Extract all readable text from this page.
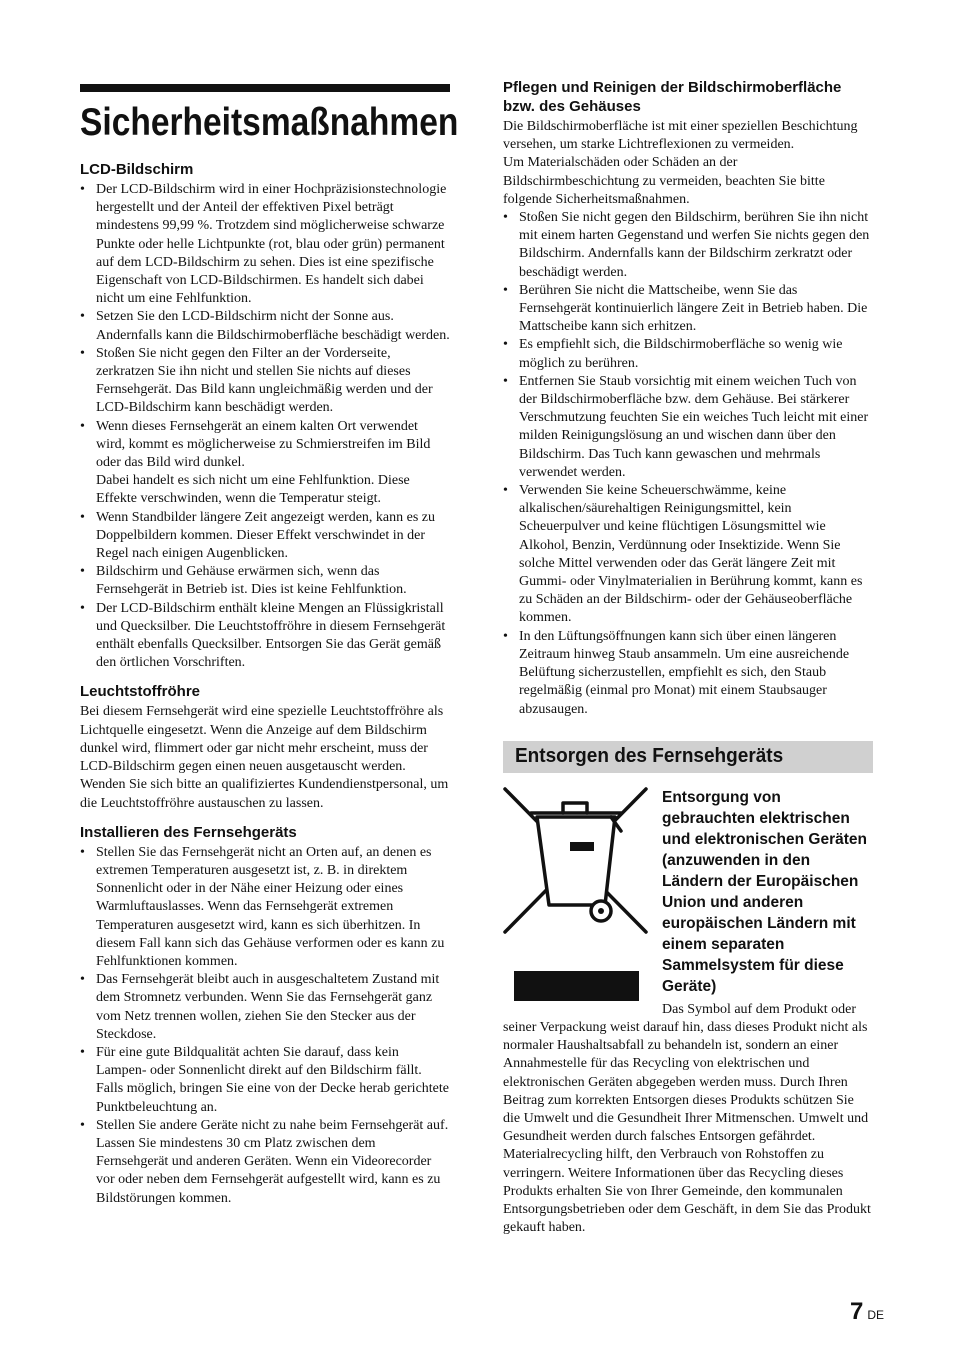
Sicherheitsmaßnahmen
LCD-Bildschirm
• Der LCD-Bildschirm wird in einer Hochpräzisionstechnologie hergestellt und der Anteil der effektiven Pixel beträgt mindestens 99,99 %. Trotzdem sind möglicherweise schwarze Punkte oder helle Lichtpunkte (rot, blau oder grün) permanent auf dem LCD-Bildschirm zu sehen. Dies ist eine spezifische Eigenschaft von LCD-Bildschirmen. Es handelt sich dabei nicht um eine Fehlfunktion.
• Setzen Sie den LCD-Bildschirm nicht der Sonne aus. Andernfalls kann die Bildschirmoberfläche beschädigt werden.
• Stoßen Sie nicht gegen den Filter an der Vorderseite, zerkratzen Sie ihn nicht und stellen Sie nichts auf dieses Fernsehgerät. Das Bild kann ungleichmäßig werden und der LCD-Bildschirm kann beschädigt werden.
• Wenn dieses Fernsehgerät an einem kalten Ort verwendet wird, kommt es möglicherweise zu Schmierstreifen im Bild oder das Bild wird dunkel.
Dabei handelt es sich nicht um eine Fehlfunktion. Diese Effekte verschwinden, wenn die Temperatur steigt.
• Wenn Standbilder längere Zeit angezeigt werden, kann es zu Doppelbildern kommen. Dieser Effekt verschwindet in der Regel nach einigen Augenblicken.
• Bildschirm und Gehäuse erwärmen sich, wenn das Fernsehgerät in Betrieb ist. Dies ist keine Fehlfunktion.
• Der LCD-Bildschirm enthält kleine Mengen an Flüssigkristall und Quecksilber. Die Leuchtstoffröhre in diesem Fernsehgerät enthält ebenfalls Quecksilber. Entsorgen Sie das Gerät gemäß den örtlichen Vorschriften.
Leuchtstoffröhre

Bei diesem Fernsehgerät wird eine spezielle Leuchtstoffröhre als Lichtquelle eingesetzt. Wenn die Anzeige auf dem Bildschirm dunkel wird, flimmert oder gar nicht mehr erscheint, muss der LCD-Bildschirm gegen einen neuen ausgetauscht werden. Wenden Sie sich bitte an qualifiziertes Kundendienstpersonal, um die Leuchtstoffröhre austauschen zu lassen.

Installieren des Fernsehgeräts
• Stellen Sie das Fernsehgerät nicht an Orten auf, an denen es extremen Temperaturen ausgesetzt ist, z. B. in direktem Sonnenlicht oder in der Nähe einer Heizung oder eines Warmluftauslasses. Wenn das Fernsehgerät extremen Temperaturen ausgesetzt wird, kann es sich überhitzen. In diesem Fall kann sich das Gehäuse verformen oder es kann zu Fehlfunktionen kommen.
• Das Fernsehgerät bleibt auch in ausgeschaltetem Zustand mit dem Stromnetz verbunden. Wenn Sie das Fernsehgerät ganz vom Netz trennen wollen, ziehen Sie den Stecker aus der Steckdose.
• Für eine gute Bildqualität achten Sie darauf, dass kein Lampen- oder Sonnenlicht direkt auf den Bildschirm fällt. Falls möglich, bringen Sie eine von der Decke herab gerichtete Punktbeleuchtung an.
• Stellen Sie andere Geräte nicht zu nahe beim Fernsehgerät auf. Lassen Sie mindestens 30 cm Platz zwischen dem Fernsehgerät und anderen Geräten. Wenn ein Videorecorder vor oder neben dem Fernsehgerät aufgestellt wird, kann es zu Bildstörungen kommen.
Pflegen und Reinigen der Bildschirmoberfläche bzw. des Gehäuses

Die Bildschirmoberfläche ist mit einer speziellen Beschichtung versehen, um starke Lichtreflexionen zu vermeiden.

Um Materialschäden oder Schäden an der Bildschirmbeschichtung zu vermeiden, beachten Sie bitte folgende Sicherheitsmaßnahmen.

• Stoßen Sie nicht gegen den Bildschirm, berühren Sie ihn nicht mit einem harten Gegenstand und werfen Sie nichts gegen den Bildschirm. Andernfalls kann der Bildschirm zerkratzt oder beschädigt werden.
• Berühren Sie nicht die Mattscheibe, wenn Sie das Fernsehgerät kontinuierlich längere Zeit in Betrieb haben. Die Mattscheibe kann sich erhitzen.
• Es empfiehlt sich, die Bildschirmoberfläche so wenig wie möglich zu berühren.
• Entfernen Sie Staub vorsichtig mit einem weichen Tuch von der Bildschirmoberfläche bzw. dem Gehäuse. Bei stärkerer Verschmutzung feuchten Sie ein weiches Tuch leicht mit einer milden Reinigungslösung an und wischen dann über den Bildschirm. Das Tuch kann gewaschen und mehrmals verwendet werden.
• Verwenden Sie keine Scheuerschwämme, keine alkalischen/säurehaltigen Reinigungsmittel, kein Scheuerpulver und keine flüchtigen Lösungsmittel wie Alkohol, Benzin, Verdünnung oder Insektizide. Wenn Sie solche Mittel verwenden oder das Gerät längere Zeit mit Gummi- oder Vinylmaterialien in Berührung kommt, kann es zu Schäden an der Bildschirm- oder der Gehäuseoberfläche kommen.
• In den Lüftungsöffnungen kann sich über einen längeren Zeitraum hinweg Staub ansammeln. Um eine ausreichende Belüftung sicherzustellen, empfiehlt es sich, den Staub regelmäßig (einmal pro Monat) mit einem Staubsauger abzusaugen.
Entsorgen des Fernsehgeräts
Entsorgung von gebrauchten elektrischen und elektronischen Geräten (anzuwenden in den Ländern der Europäischen Union und anderen europäischen Ländern mit einem separaten Sammelsystem für diese Geräte)

Das Symbol auf dem Produkt oder seiner Verpackung weist darauf hin, dass dieses Produkt nicht als normaler Haushaltsabfall zu behandeln ist, sondern an einer Annahmestelle für das Recycling von elektrischen und elektronischen Geräten abgegeben werden muss. Durch Ihren Beitrag zum korrekten Entsorgen dieses Produkts schützen Sie die Umwelt und die Gesundheit Ihrer Mitmenschen. Umwelt und Gesundheit werden durch falsches Entsorgen gefährdet. Materialrecycling hilft, den Verbrauch von Rohstoffen zu verringern. Weitere Informationen über das Recycling dieses Produkts erhalten Sie von Ihrer Gemeinde, den kommunalen Entsorgungsbetrieben oder dem Geschäft, in dem Sie das Produkt gekauft haben.

7 DE
